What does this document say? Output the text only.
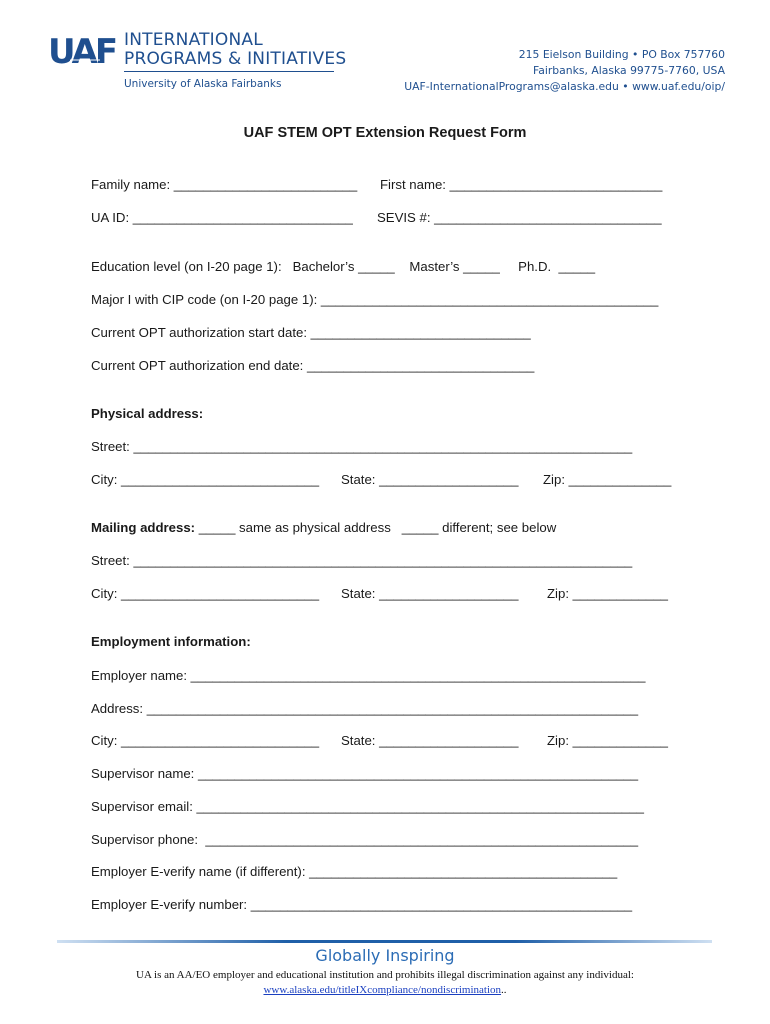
UAF INTERNATIONAL
PROGRAMS & INITIATIVES
University of Alaska Fairbanks
215 Eielson Building • PO Box 757760
Fairbanks, Alaska 99775-7760, USA
UAF-InternationalPrograms@alaska.edu • www.uaf.edu/oip/
UAF STEM OPT Extension Request Form
Family name: _________________________ First name: _____________________________
UA ID: ______________________________ SEVIS #: _______________________________
Education level (on I-20 page 1):   Bachelor’s _____    Master’s _____     Ph.D.  _____
Major I with CIP code (on I-20 page 1): ______________________________________________
Current OPT authorization start date: ______________________________
Current OPT authorization end date: _______________________________
Physical address:
Street: ____________________________________________________________________
City: ___________________________ State: ___________________ Zip: ______________
Mailing address: _____ same as physical address   _____ different; see below
Street: ____________________________________________________________________
City: ___________________________ State: ___________________ Zip: _____________
Employment information:
Employer name: ______________________________________________________________
Address: ___________________________________________________________________
City: ___________________________ State: ___________________ Zip: _____________
Supervisor name: ____________________________________________________________
Supervisor email: _____________________________________________________________
Supervisor phone:  ___________________________________________________________
Employer E-verify name (if different): __________________________________________
Employer E-verify number: ____________________________________________________
Globally Inspiring
UA is an AA/EO employer and educational institution and prohibits illegal discrimination against any individual:
www.alaska.edu/titleIXcompliance/nondiscrimination..
